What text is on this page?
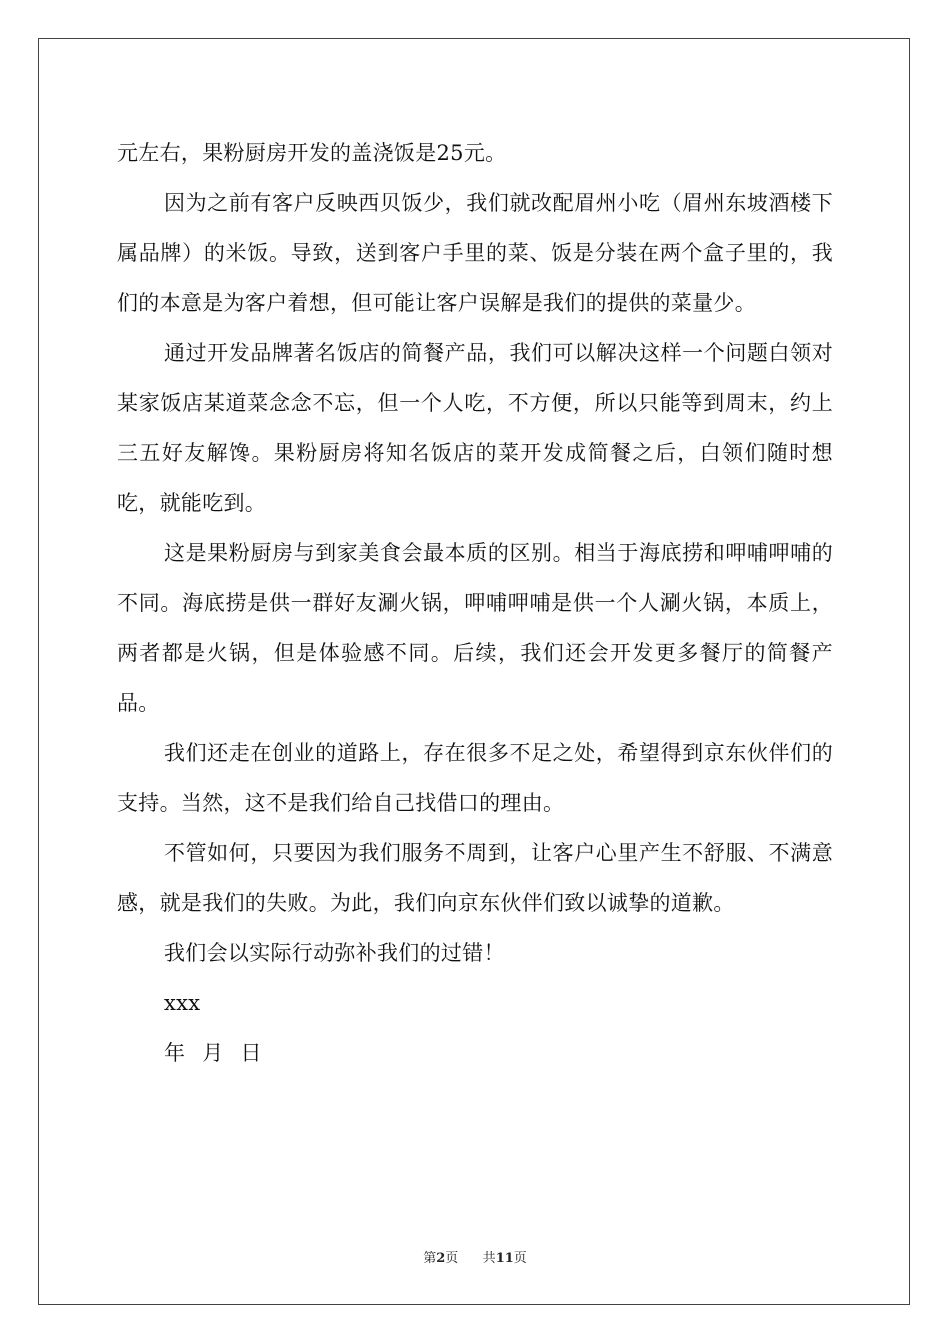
元左右，果粉厨房开发的盖浇饭是25元。

因为之前有客户反映西贝饭少，我们就改配眉州小吃（眉州东坡酒楼下属品牌）的米饭。导致，送到客户手里的菜、饭是分装在两个盒子里的，我们的本意是为客户着想，但可能让客户误解是我们的提供的菜量少。

通过开发品牌著名饭店的简餐产品，我们可以解决这样一个问题白领对某家饭店某道菜念念不忘，但一个人吃，不方便，所以只能等到周末，约上三五好友解馋。果粉厨房将知名饭店的菜开发成简餐之后，白领们随时想吃，就能吃到。

这是果粉厨房与到家美食会最本质的区别。相当于海底捞和呷哺呷哺的不同。海底捞是供一群好友涮火锅，呷哺呷哺是供一个人涮火锅，本质上，两者都是火锅，但是体验感不同。后续，我们还会开发更多餐厅的简餐产品。

我们还走在创业的道路上，存在很多不足之处，希望得到京东伙伴们的支持。当然，这不是我们给自己找借口的理由。

不管如何，只要因为我们服务不周到，让客户心里产生不舒服、不满意感，就是我们的失败。为此，我们向京东伙伴们致以诚挚的道歉。

我们会以实际行动弥补我们的过错！

xxx

年 月 日

第2页 共11页
